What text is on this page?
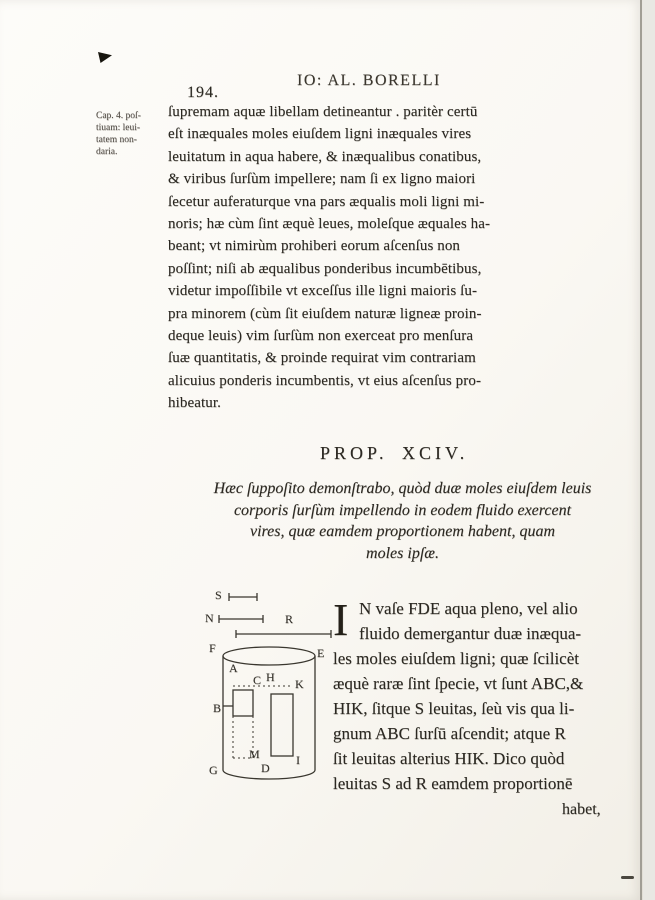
194.
IO: AL. BORELLI
Cap. 4. poſ-
tiuam: leui-
tatem non-
daria.
ſupremam aquæ libellam detineantur . paritèr certū
eſt inæquales moles eiuſdem ligni inæquales vires
leuitatum in aqua habere, & inæqualibus conatibus,
& viribus ſurſùm impellere; nam ſi ex ligno maiori
ſecetur auferaturque vna pars æqualis moli ligni mi-
noris; hæ cùm ſint æquè leues, moleſque æquales ha-
beant; vt nimirùm prohiberi eorum aſcenſus non
poſſint; niſi ab æqualibus ponderibus incumbētibus,
videtur impoſſibile vt exceſſus ille ligni maioris ſu-
pra minorem (cùm ſit eiuſdem naturæ ligneæ proin-
deque leuis) vim ſurſùm non exerceat pro menſura
ſuæ quantitatis, & proinde requirat vim contrariam
alicuius ponderis incumbentis, vt eius aſcenſus pro-
hibeatur.
PROP. XCIV.
Hæc ſuppoſito demonſtrabo, quòd duæ moles eiuſdem leuis
corporis ſurſùm impellendo in eodem fluido exercent
vires, quæ eamdem proportionem habent, quam
moles ipſæ.
S
N	R
F	E
A
C H K
B
G
M
D
I
I N vaſe FDE aqua pleno, vel alio
fluido demergantur duæ inæqua-
les moles eiuſdem ligni; quæ ſcilicèt
æquè raræ ſint ſpecie, vt ſunt ABC,&
HIK, ſitque S leuitas, ſeù vis qua li-
gnum ABC ſurſū aſcendit; atque R
ſit leuitas alterius HIK. Dico quòd
leuitas S ad R eamdem proportionē
habet,
